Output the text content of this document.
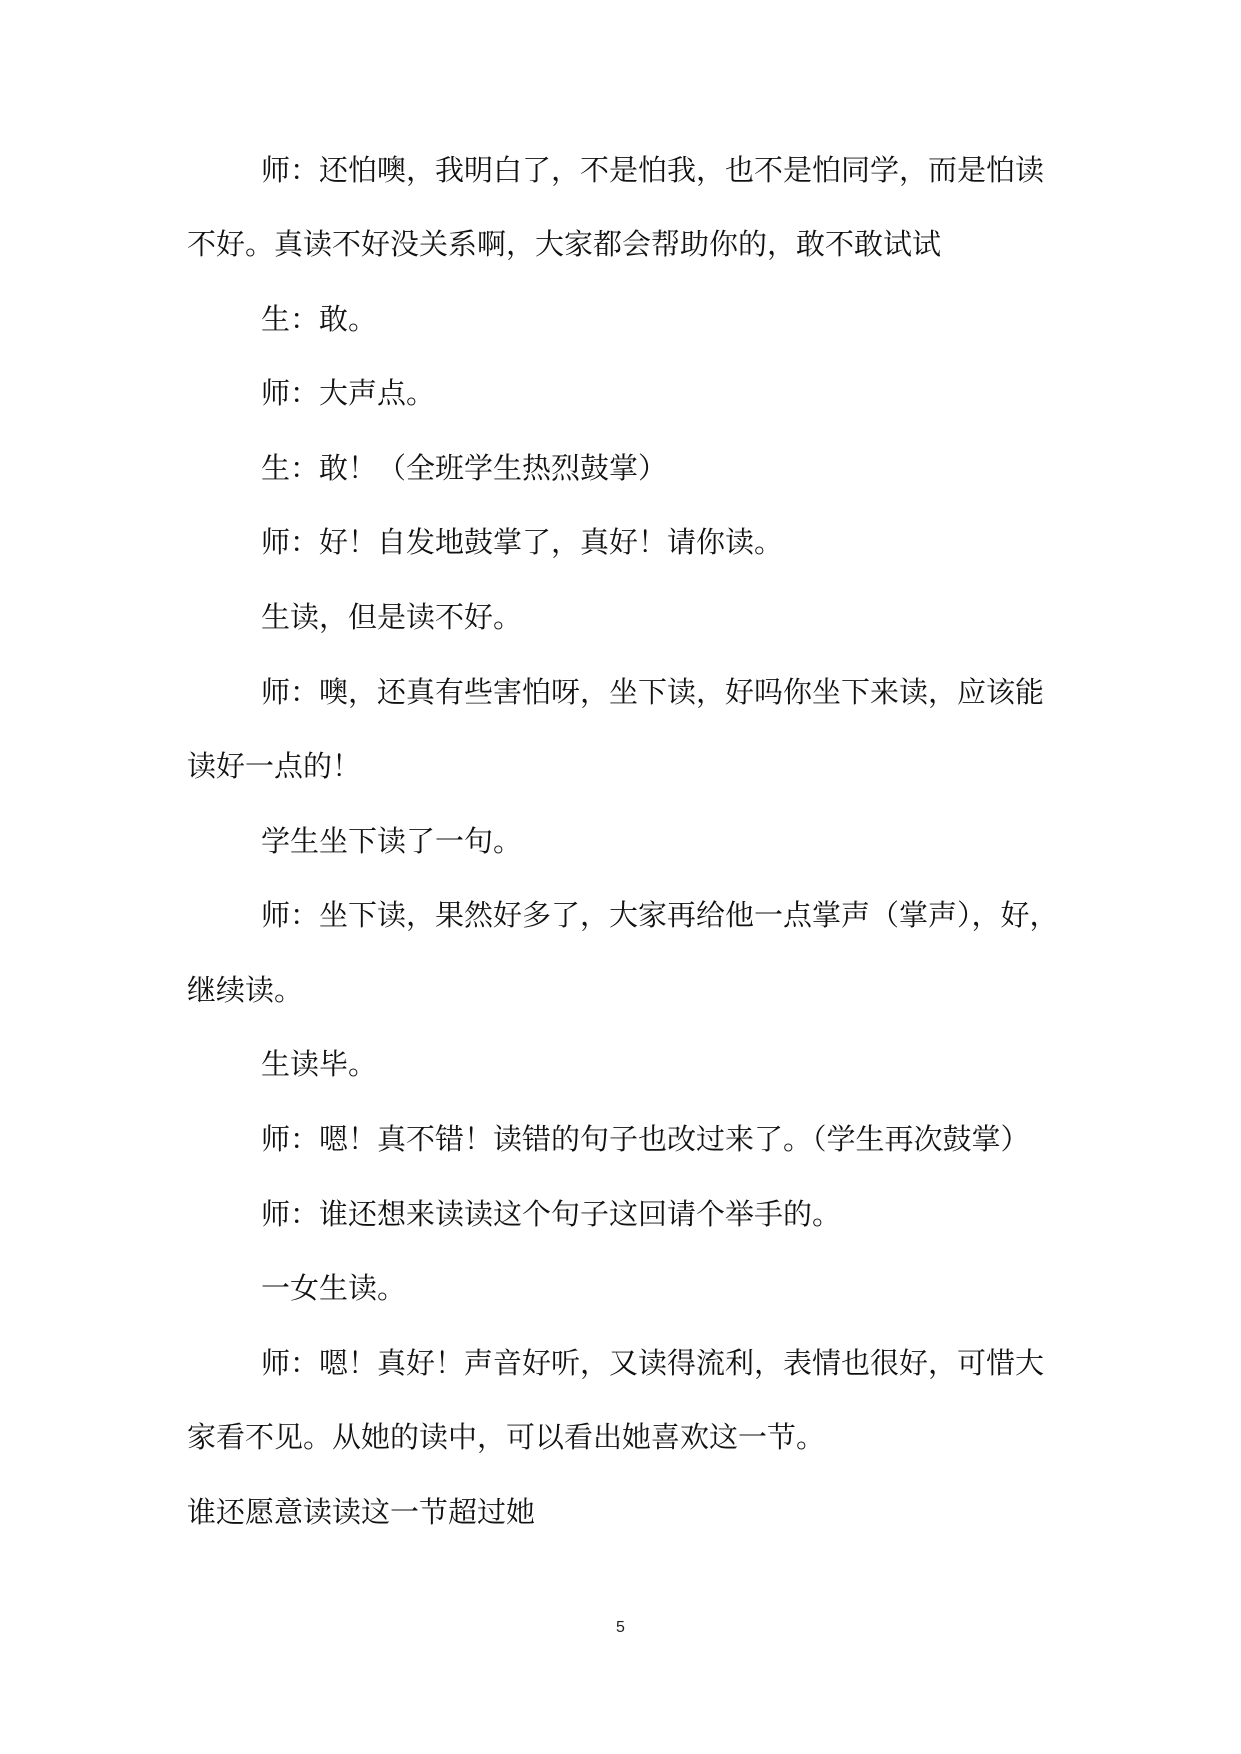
师：还怕噢，我明白了，不是怕我，也不是怕同学，而是怕读
不好。真读不好没关系啊，大家都会帮助你的，敢不敢试试
生：敢。
师：大声点。
生：敢！（全班学生热烈鼓掌）
师：好！自发地鼓掌了，真好！请你读。
生读，但是读不好。
师：噢，还真有些害怕呀，坐下读，好吗你坐下来读，应该能
读好一点的！
学生坐下读了一句。
师：坐下读，果然好多了，大家再给他一点掌声（掌声），好，
继续读。
生读毕。
师：嗯！真不错！读错的句子也改过来了。（学生再次鼓掌）
师：谁还想来读读这个句子这回请个举手的。
一女生读。
师：嗯！真好！声音好听，又读得流利，表情也很好，可惜大
家看不见。从她的读中，可以看出她喜欢这一节。
谁还愿意读读这一节超过她
5
